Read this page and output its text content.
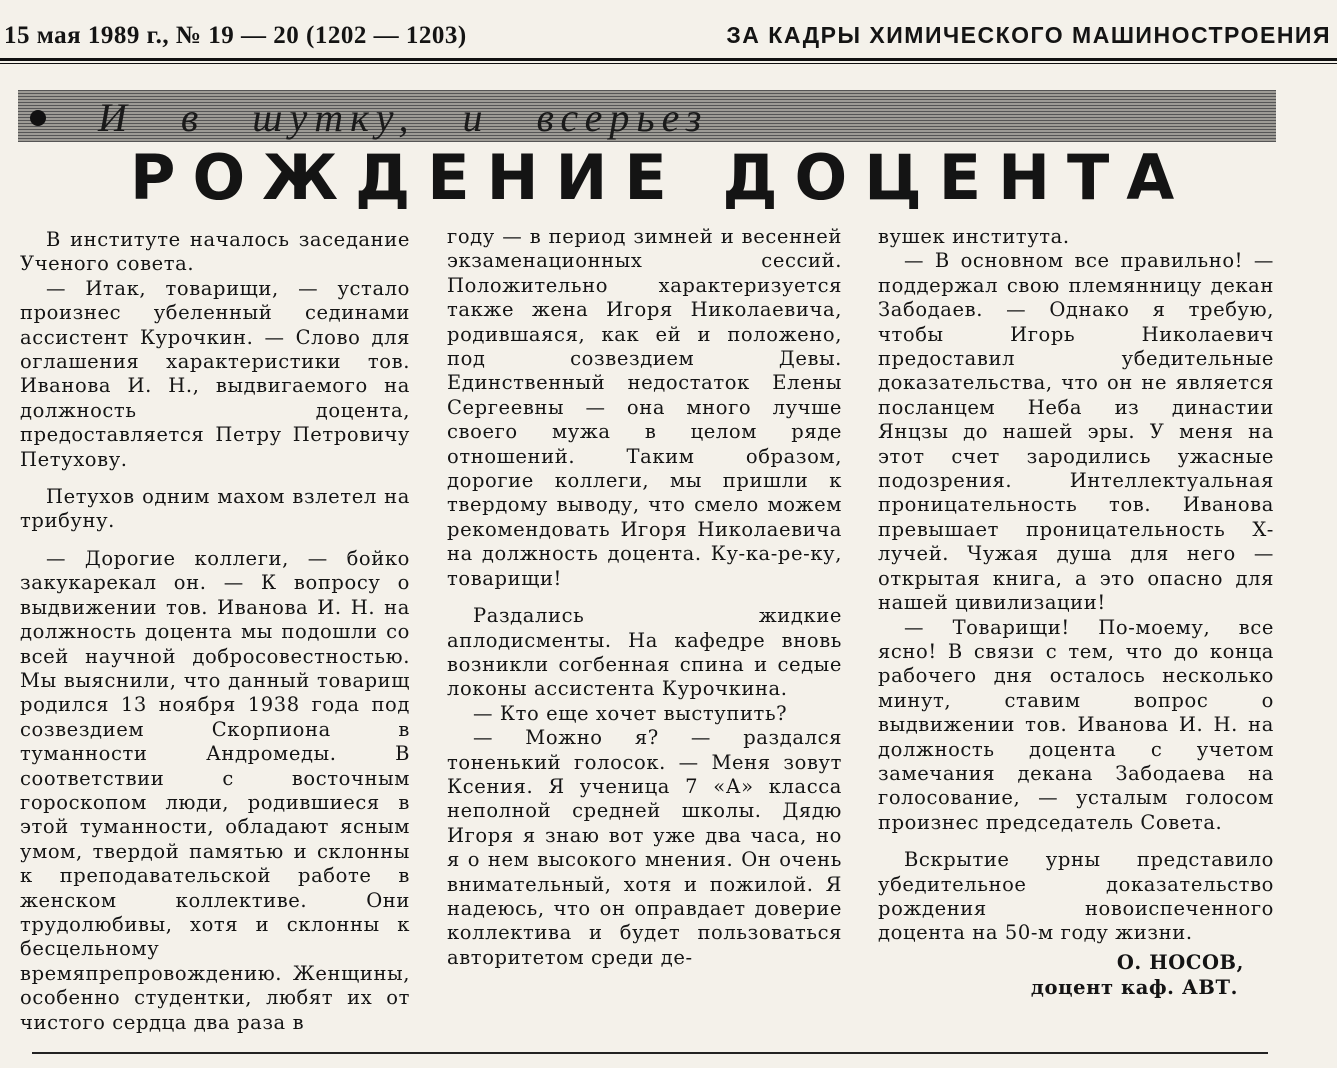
15 мая 1989 г., № 19 — 20 (1202 — 1203)	ЗА КАДРЫ ХИМИЧЕСКОГО МАШИНОСТРОЕНИЯ
И в шутку, и всерьез
РОЖДЕНИЕ ДОЦЕНТА

В институте началось заседание Ученого совета.

— Итак, товарищи, — устало произнес убеленный сединами ассистент Курочкин. — Слово для оглашения характеристики тов. Иванова И. Н., выдвигаемого на должность доцента, предоставляется Петру Петровичу Петухову.

Петухов одним махом взлетел на трибуну.

— Дорогие коллеги, — бойко закукарекал он. — К вопросу о выдвижении тов. Иванова И. Н. на должность доцента мы подошли со всей научной добросовестностью. Мы выяснили, что данный товарищ родился 13 ноября 1938 года под созвездием Скорпиона в туманности Андромеды. В соответствии с восточным гороскопом люди, родившиеся в этой туманности, обладают ясным умом, твердой памятью и склонны к преподавательской работе в женском коллективе. Они трудолюбивы, хотя и склонны к бесцельному времяпрепровождению. Женщины, особенно студентки, любят их от чистого сердца два раза в

году — в период зимней и весенней экзаменационных сессий. Положительно характеризуется также жена Игоря Николаевича, родившаяся, как ей и положено, под созвездием Девы. Единственный недостаток Елены Сергеевны — она много лучше своего мужа в целом ряде отношений. Таким образом, дорогие коллеги, мы пришли к твердому выводу, что смело можем рекомендовать Игоря Николаевича на должность доцента. Ку-ка-ре-ку, товарищи!

Раздались жидкие аплодисменты. На кафедре вновь возникли согбенная спина и седые локоны ассистента Курочкина.

— Кто еще хочет выступить?

— Можно я? — раздался тоненький голосок. — Меня зовут Ксения. Я ученица 7 «А» класса неполной средней школы. Дядю Игоря я знаю вот уже два часа, но я о нем высокого мнения. Он очень внимательный, хотя и пожилой. Я надеюсь, что он оправдает доверие коллектива и будет пользоваться авторитетом среди де-

вушек института.

— В основном все правильно! — поддержал свою племянницу декан Забодаев. — Однако я требую, чтобы Игорь Николаевич предоставил убедительные доказательства, что он не является посланцем Неба из династии Янцзы до нашей эры. У меня на этот счет зародились ужасные подозрения. Интеллектуальная проницательность тов. Иванова превышает проницательность Х-лучей. Чужая душа для него — открытая книга, а это опасно для нашей цивилизации!

— Товарищи! По-моему, все ясно! В связи с тем, что до конца рабочего дня осталось несколько минут, ставим вопрос о выдвижении тов. Иванова И. Н. на должность доцента с учетом замечания декана Забодаева на голосование, — усталым голосом произнес председатель Совета.

Вскрытие урны представило убедительное доказательство рождения новоиспеченного доцента на 50-м году жизни.

О. НОСОВ,
доцент каф. АВТ.
